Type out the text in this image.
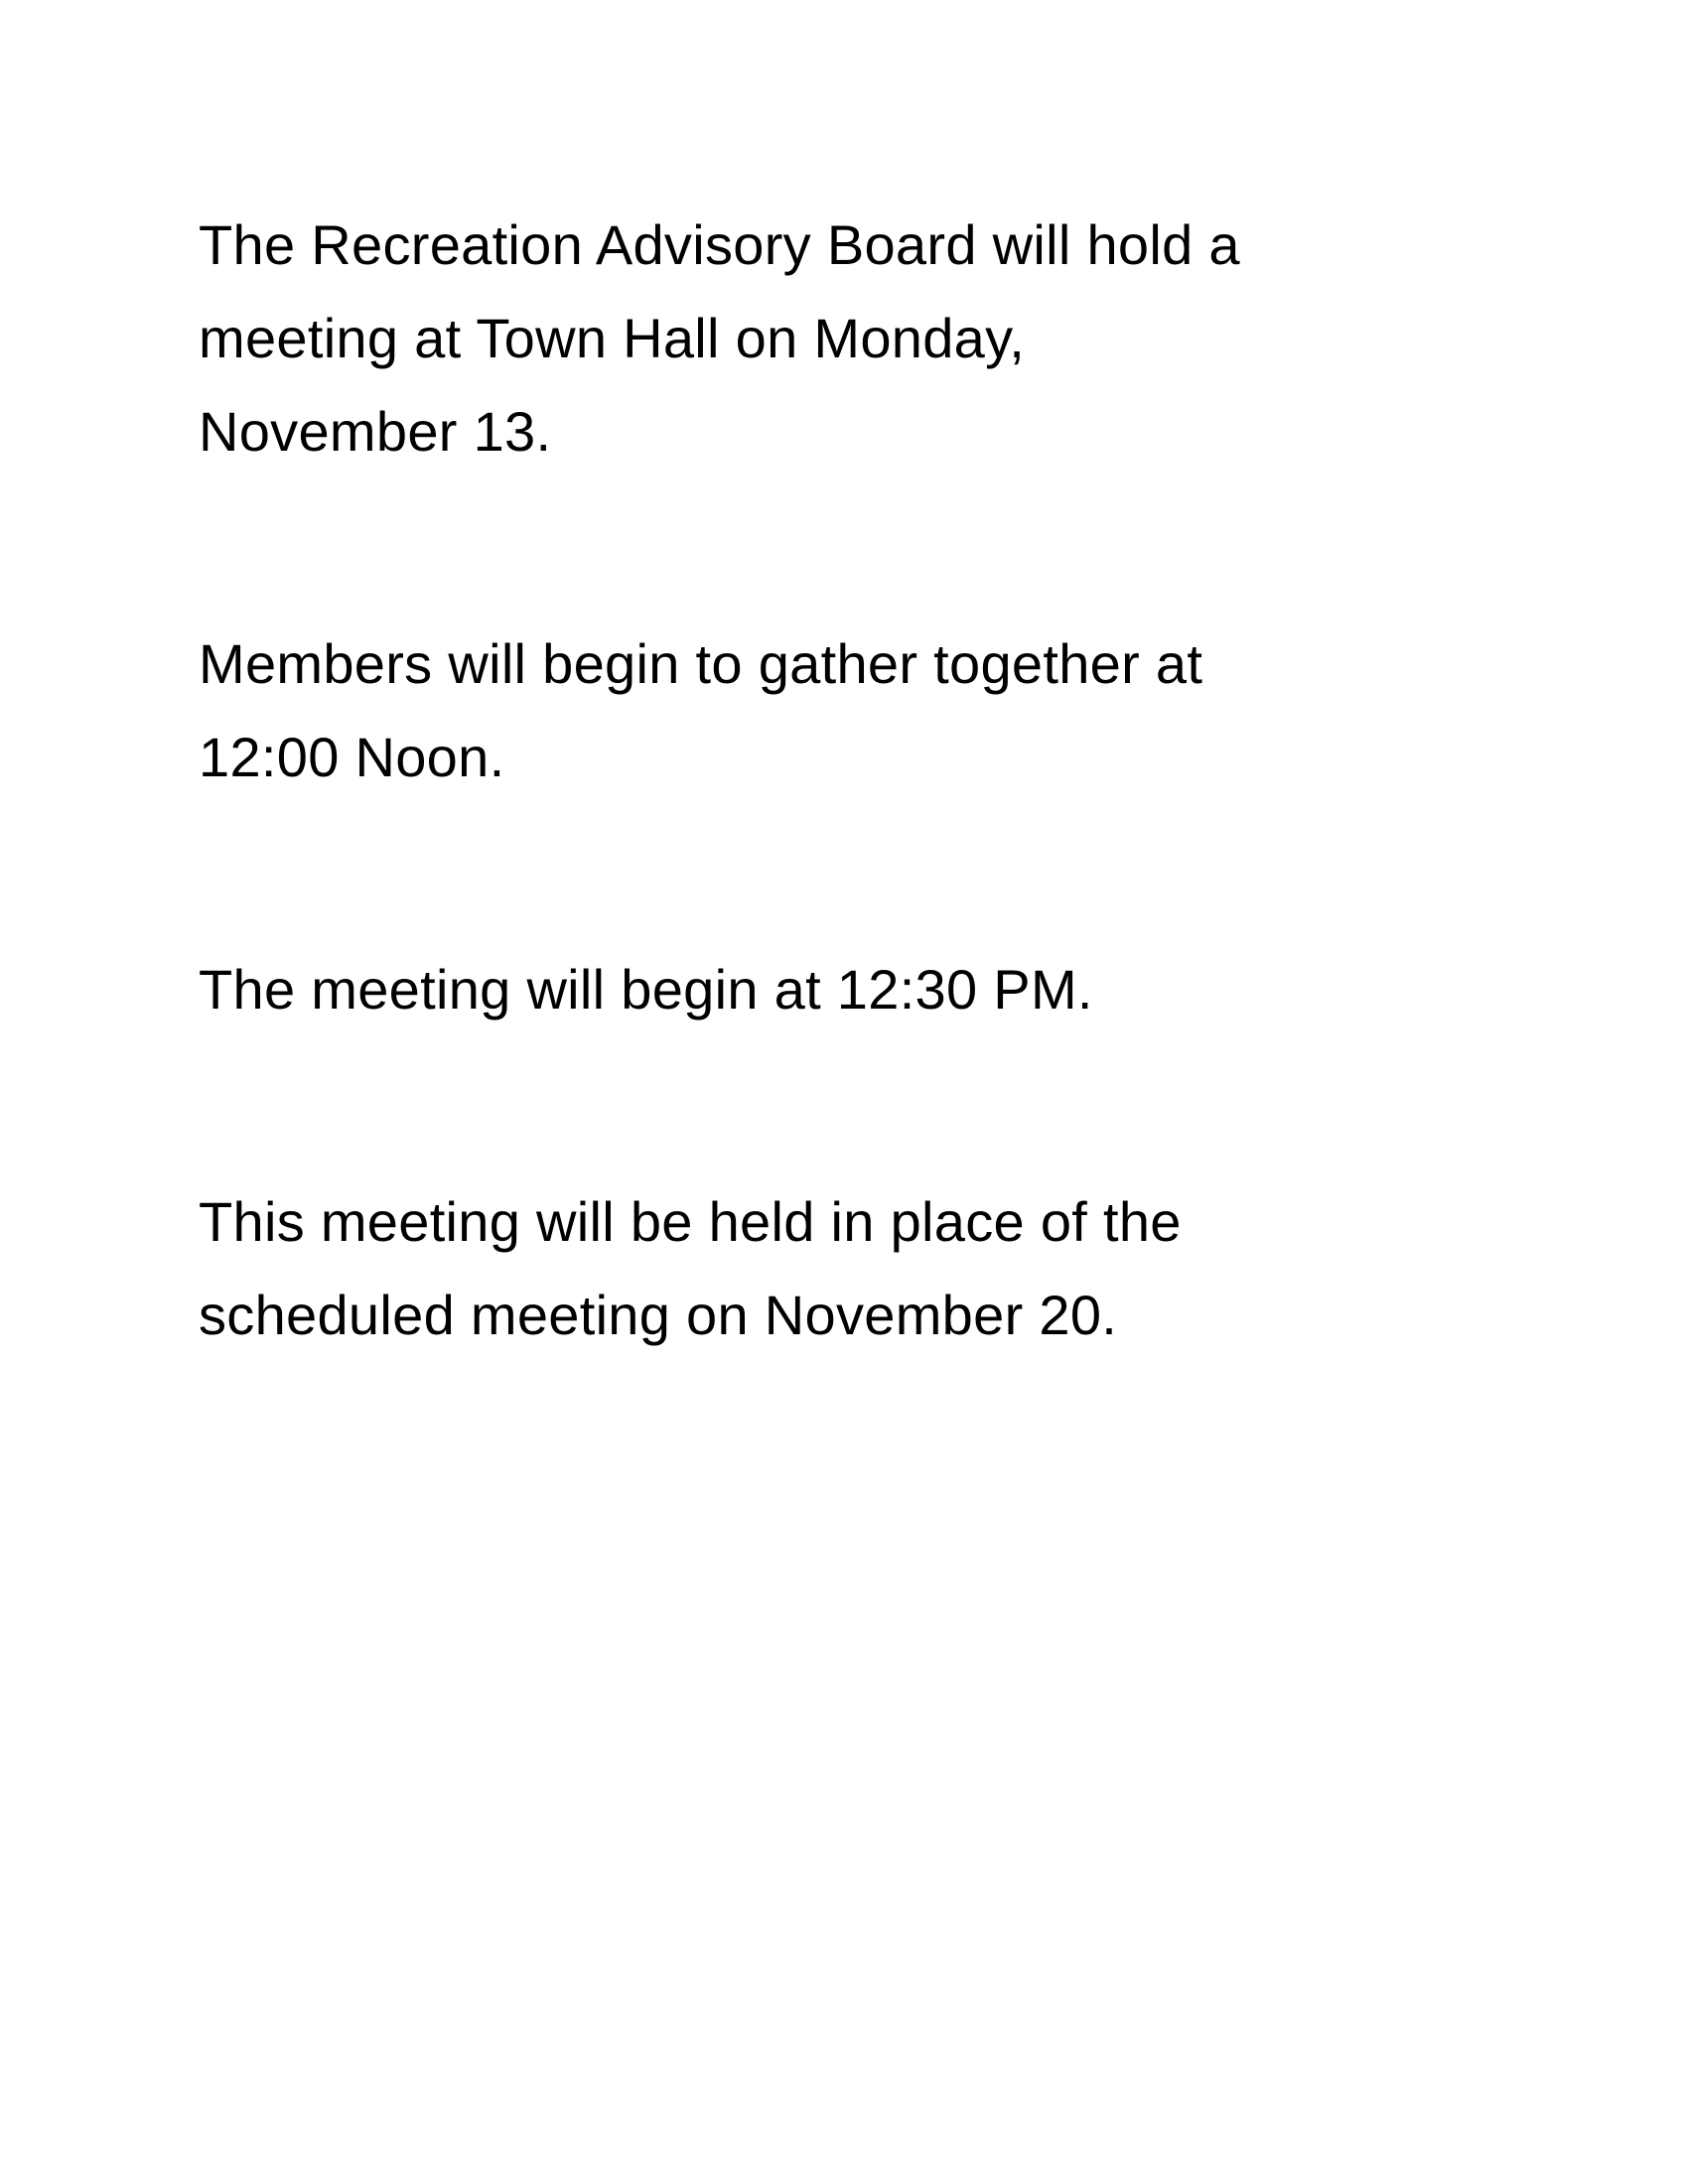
The Recreation Advisory Board will hold a
meeting at Town Hall on Monday,
November 13.

Members will begin to gather together at
12:00 Noon.

The meeting will begin at 12:30 PM.

This meeting will be held in place of the
scheduled meeting on November 20.
